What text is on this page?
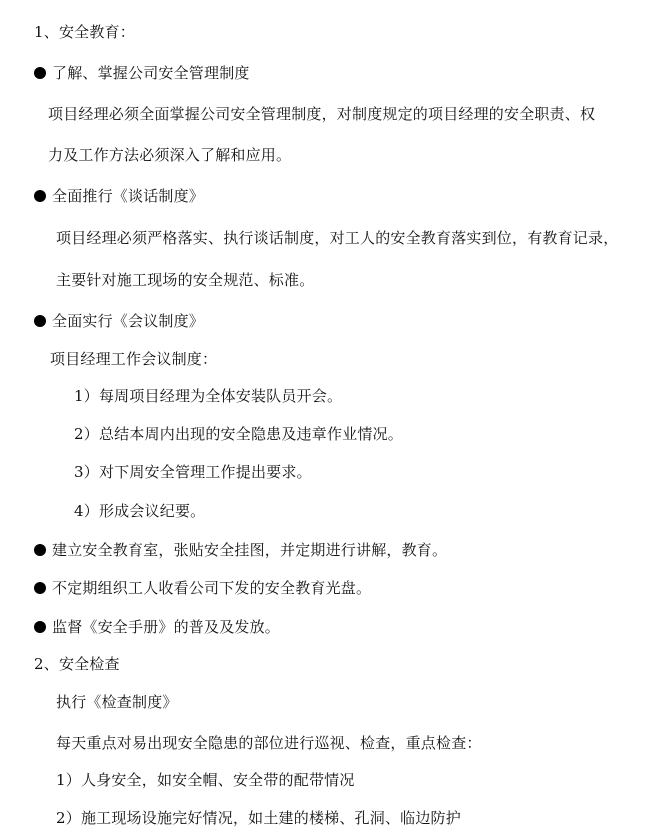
1、安全教育：
了解、掌握公司安全管理制度
项目经理必须全面掌握公司安全管理制度，对制度规定的项目经理的安全职责、权
力及工作方法必须深入了解和应用。
全面推行《谈话制度》
项目经理必须严格落实、执行谈话制度，对工人的安全教育落实到位，有教育记录，
主要针对施工现场的安全规范、标准。
全面实行《会议制度》
项目经理工作会议制度：
1）每周项目经理为全体安装队员开会。
2）总结本周内出现的安全隐患及违章作业情况。
3）对下周安全管理工作提出要求。
4）形成会议纪要。
建立安全教育室，张贴安全挂图，并定期进行讲解，教育。
不定期组织工人收看公司下发的安全教育光盘。
监督《安全手册》的普及及发放。
2、安全检查
执行《检查制度》
每天重点对易出现安全隐患的部位进行巡视、检查，重点检查：
1）人身安全，如安全帽、安全带的配带情况
2）施工现场设施完好情况，如土建的楼梯、孔洞、临边防护
